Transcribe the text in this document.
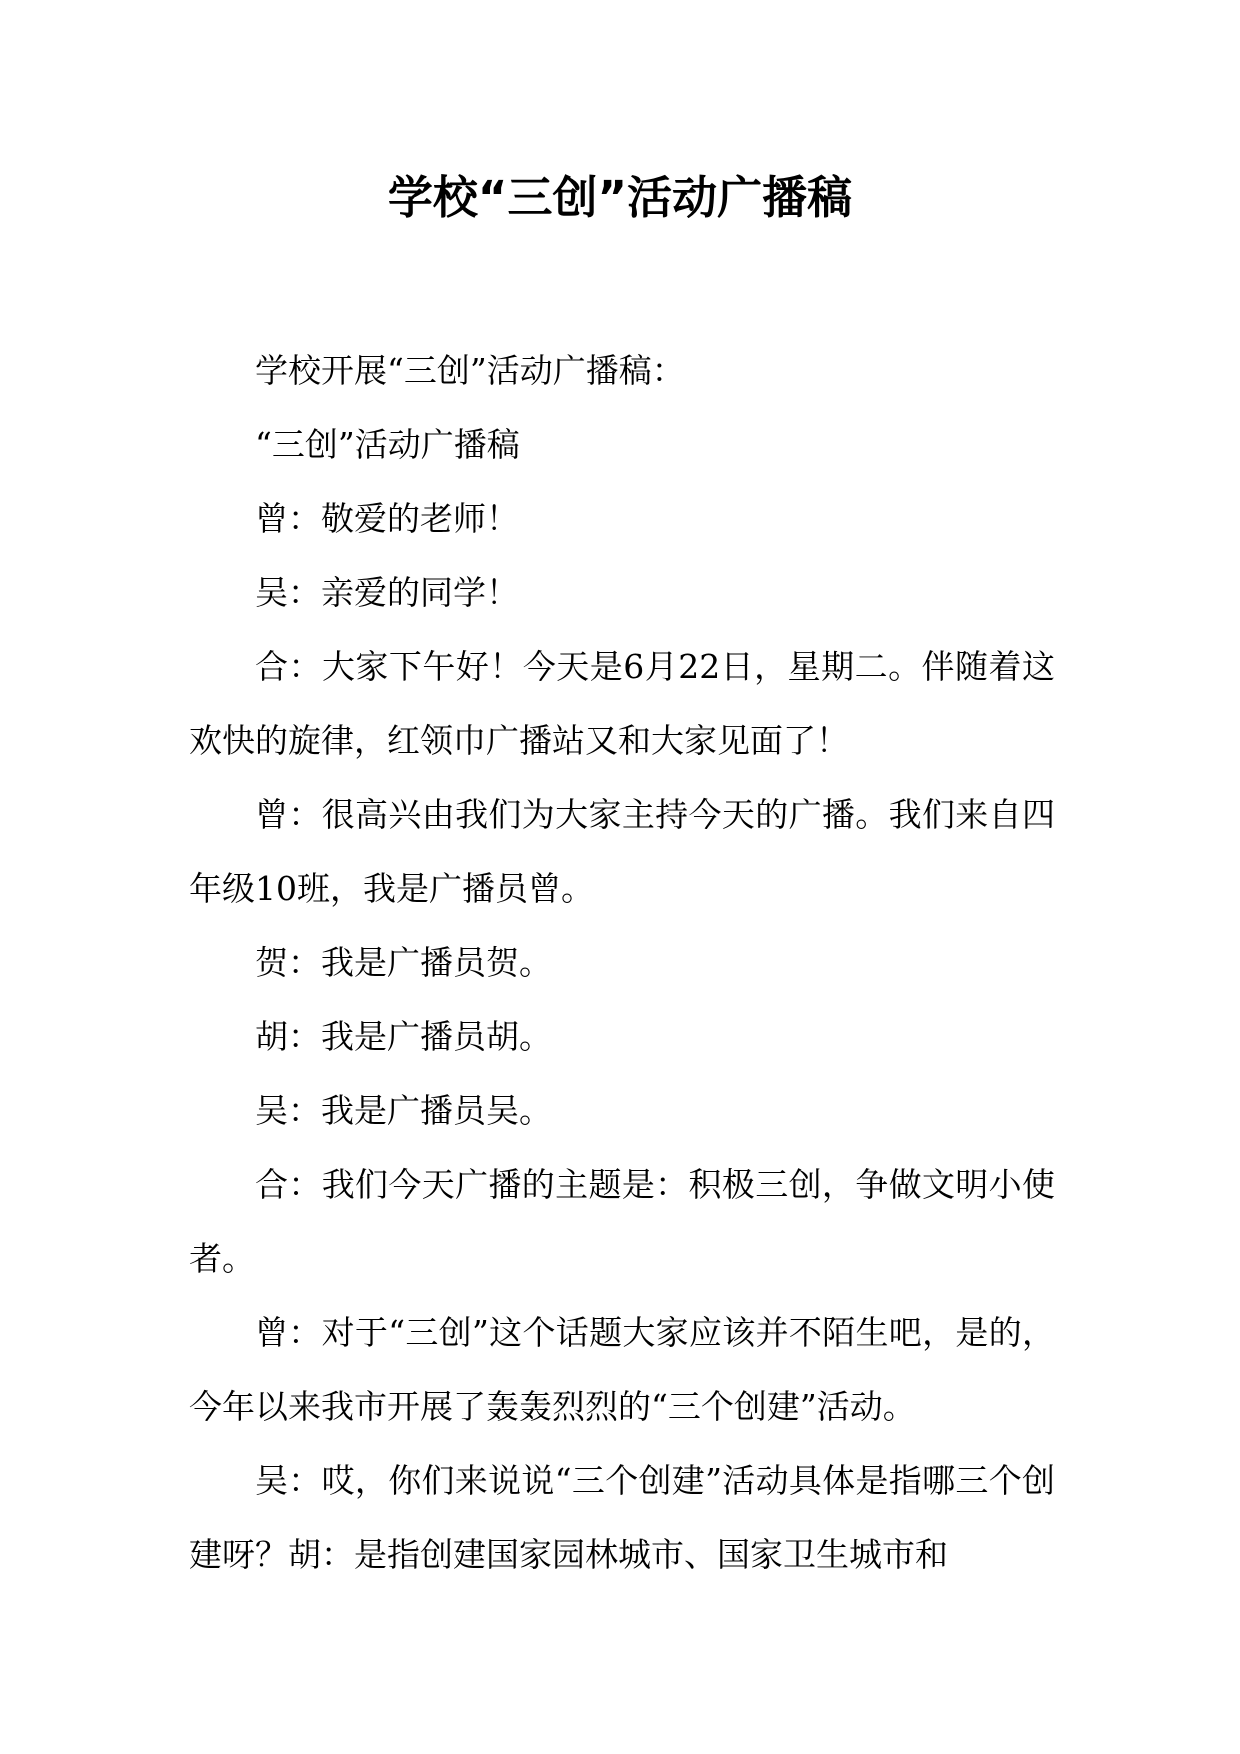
学校“三创”活动广播稿

学校开展“三创”活动广播稿：

“三创”活动广播稿

曾：敬爱的老师！

吴：亲爱的同学！

合：大家下午好！今天是6月22日，星期二。伴随着这欢快的旋律，红领巾广播站又和大家见面了！

曾：很高兴由我们为大家主持今天的广播。我们来自四年级10班，我是广播员曾。

贺：我是广播员贺。

胡：我是广播员胡。

吴：我是广播员吴。

合：我们今天广播的主题是：积极三创，争做文明小使者。

曾：对于“三创”这个话题大家应该并不陌生吧，是的，今年以来我市开展了轰轰烈烈的“三个创建”活动。

吴：哎，你们来说说“三个创建”活动具体是指哪三个创建呀？胡：是指创建国家园林城市、国家卫生城市和
